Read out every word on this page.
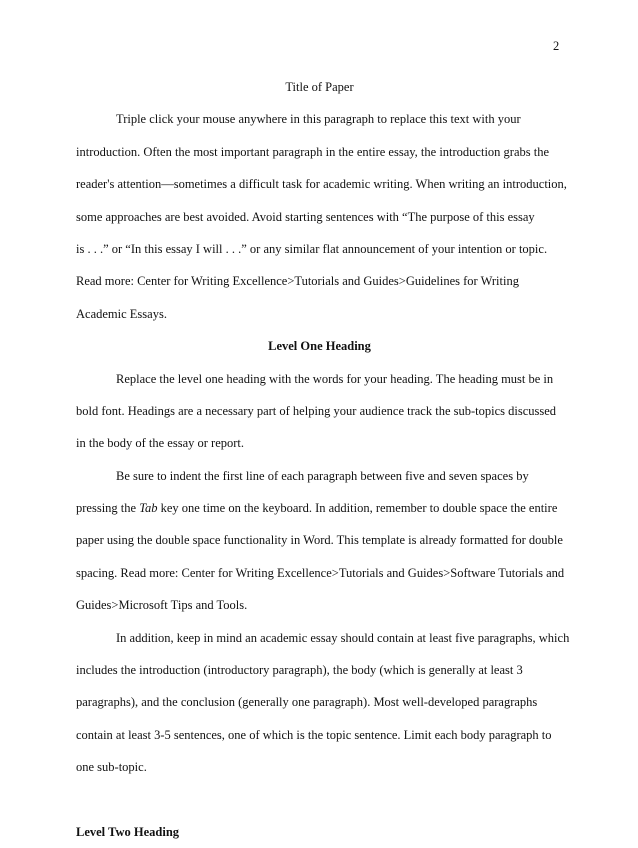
2
Title of Paper
Triple click your mouse anywhere in this paragraph to replace this text with your
introduction. Often the most important paragraph in the entire essay, the introduction grabs the
reader's attention—sometimes a difficult task for academic writing. When writing an introduction,
some approaches are best avoided. Avoid starting sentences with “The purpose of this essay
is . . .” or “In this essay I will . . .” or any similar flat announcement of your intention or topic.
Read more: Center for Writing Excellence>Tutorials and Guides>Guidelines for Writing
Academic Essays.
Level One Heading
Replace the level one heading with the words for your heading. The heading must be in
bold font. Headings are a necessary part of helping your audience track the sub-topics discussed
in the body of the essay or report.
Be sure to indent the first line of each paragraph between five and seven spaces by
pressing the Tab key one time on the keyboard. In addition, remember to double space the entire
paper using the double space functionality in Word. This template is already formatted for double
spacing. Read more: Center for Writing Excellence>Tutorials and Guides>Software Tutorials and
Guides>Microsoft Tips and Tools.
In addition, keep in mind an academic essay should contain at least five paragraphs, which
includes the introduction (introductory paragraph), the body (which is generally at least 3
paragraphs), and the conclusion (generally one paragraph). Most well-developed paragraphs
contain at least 3-5 sentences, one of which is the topic sentence. Limit each body paragraph to
one sub-topic.
Level Two Heading
